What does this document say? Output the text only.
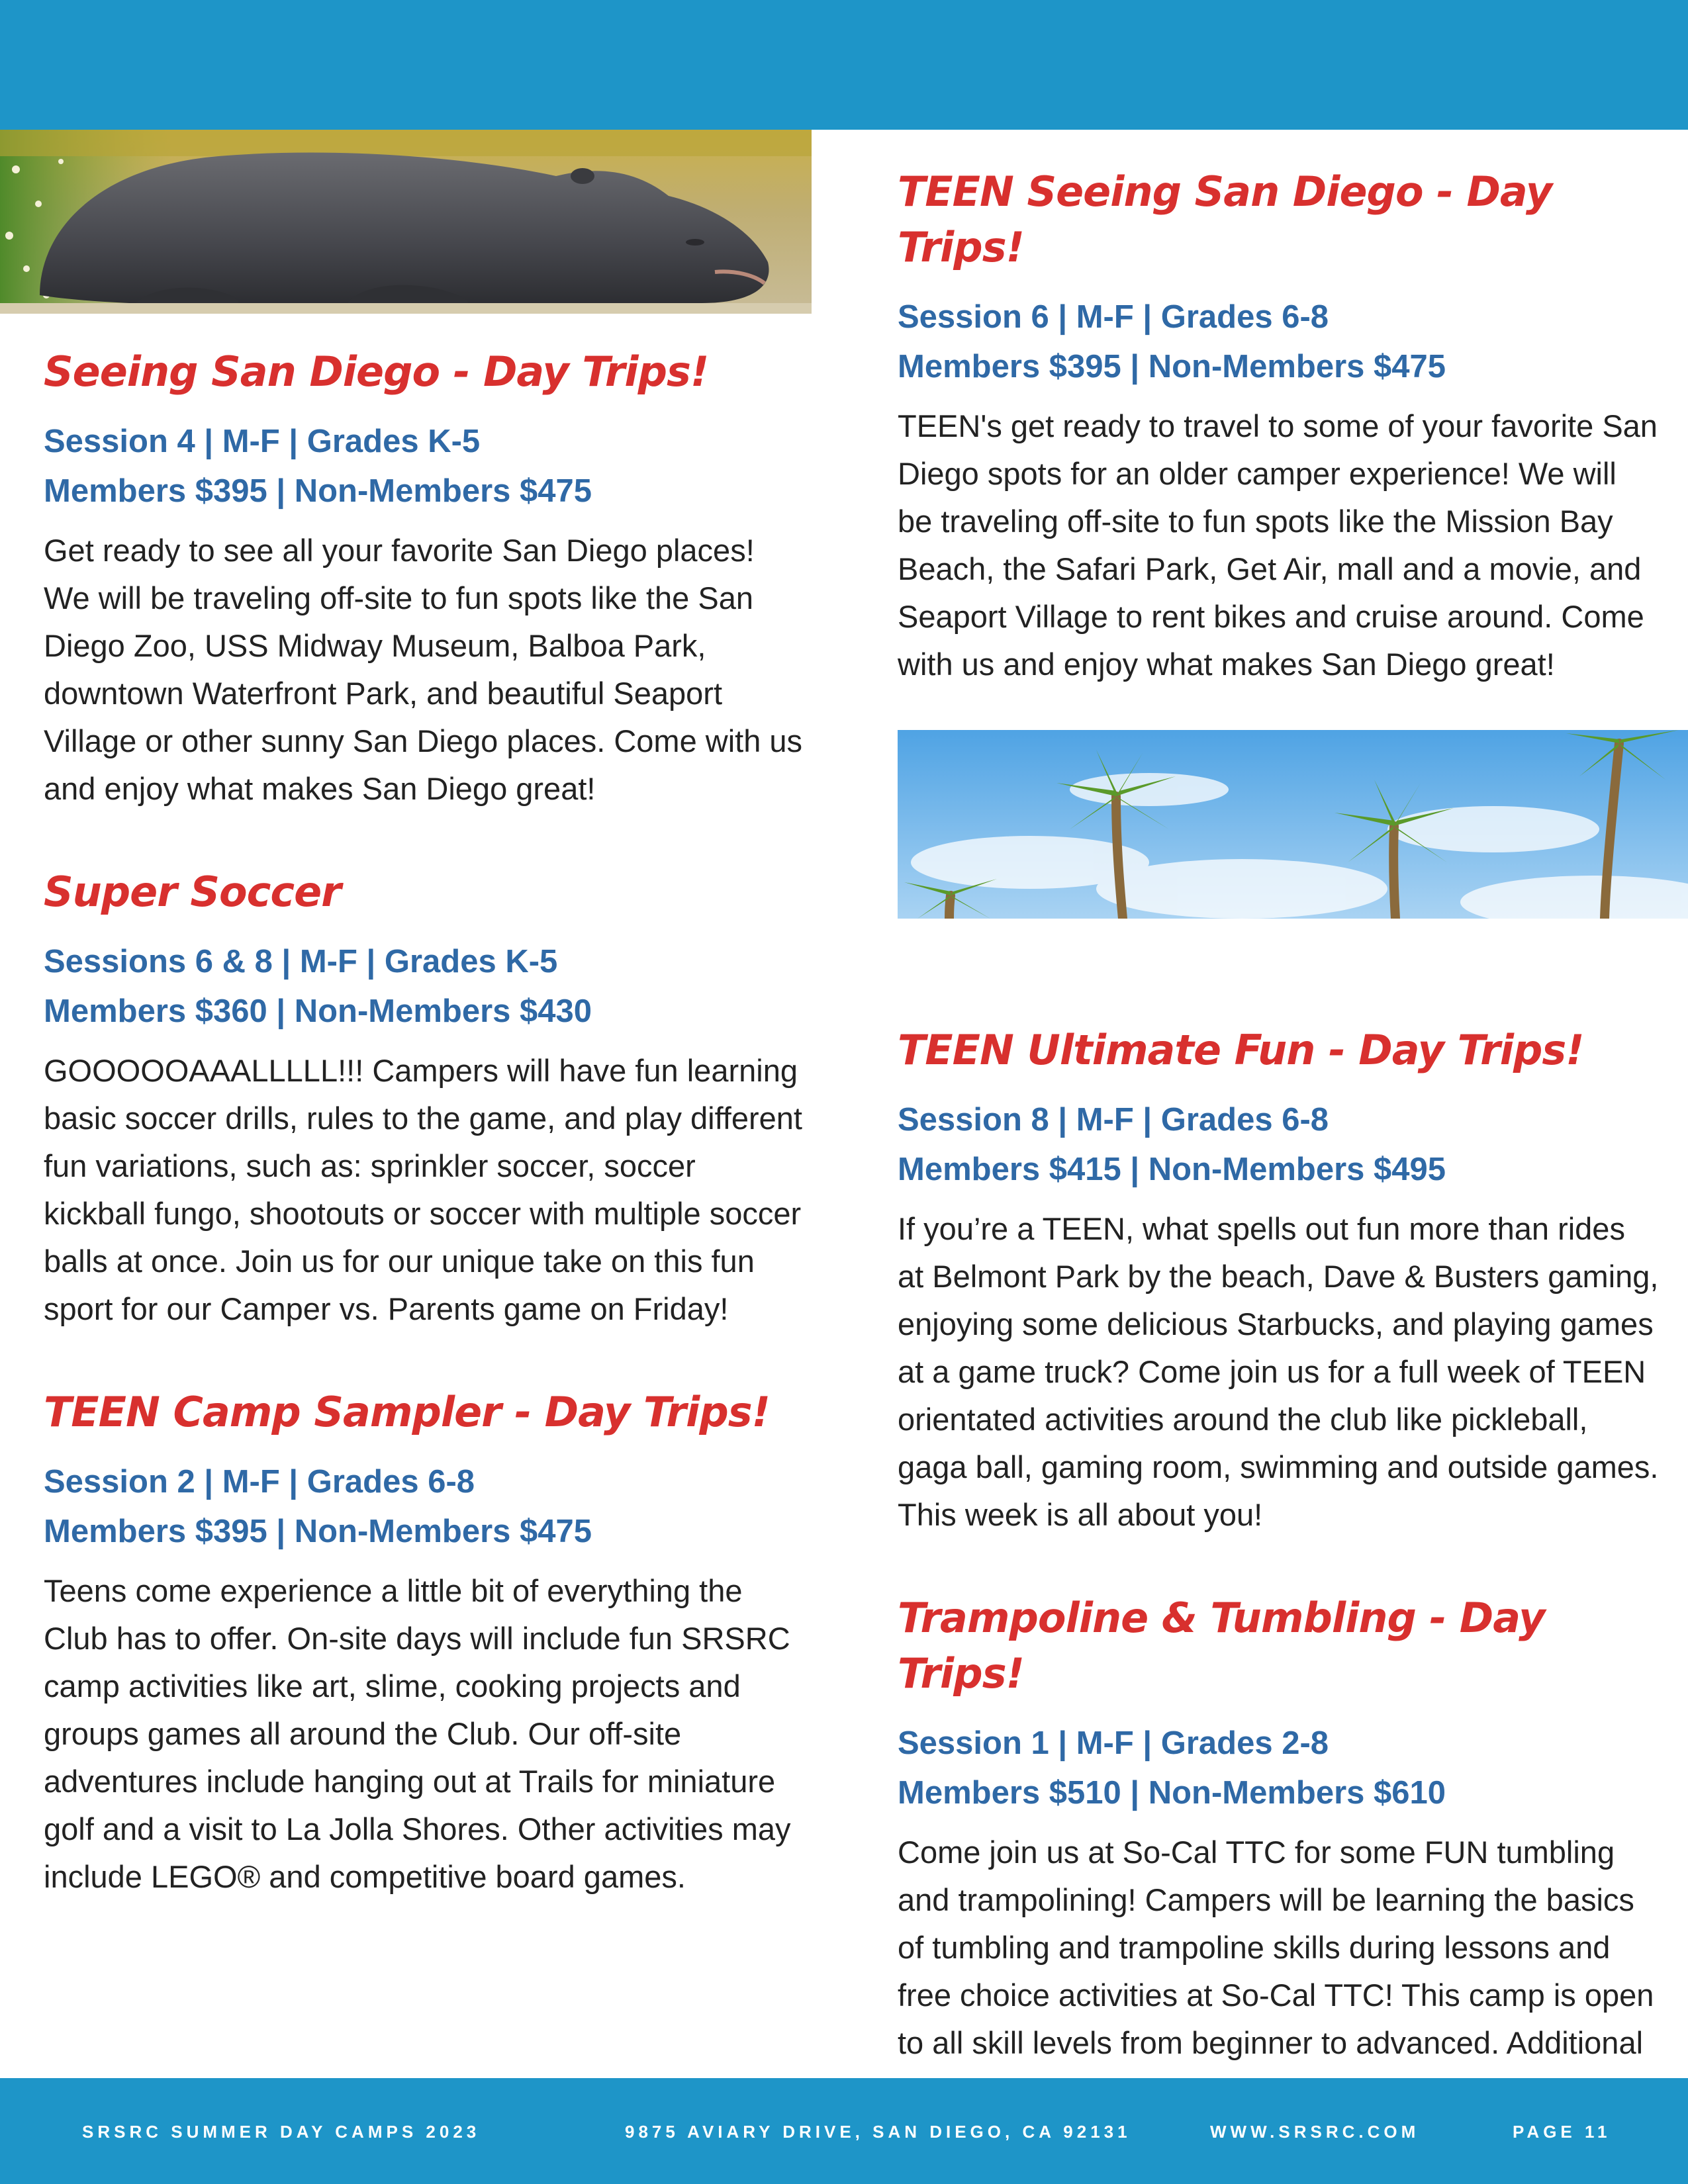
Seeing San Diego - Day Trips!
Session 4 | M-F | Grades K-5
Members $395 | Non-Members $475
Get ready to see all your favorite San Diego places! We will be traveling off-site to fun spots like the San Diego Zoo, USS Midway Museum, Balboa Park, downtown Waterfront Park, and beautiful Seaport Village or other sunny San Diego places. Come with us and enjoy what makes San Diego great!
Super Soccer
Sessions 6 & 8 | M-F | Grades K-5
Members $360 | Non-Members $430
GOOOOOAAALLLLL!!! Campers will have fun learning basic soccer drills, rules to the game, and play different fun variations, such as: sprinkler soccer, soccer kickball fungo, shootouts or soccer with multiple soccer balls at once. Join us for our unique take on this fun sport for our Camper vs. Parents game on Friday!
TEEN Camp Sampler - Day Trips!
Session 2 | M-F | Grades 6-8
Members $395 | Non-Members $475
Teens come experience a little bit of everything the Club has to offer. On-site days will include fun SRSRC camp activities like art, slime, cooking projects and groups games all around the Club. Our off-site adventures include hanging out at Trails for miniature golf and a visit to La Jolla Shores. Other activities may include LEGO® and competitive board games.
TEEN Seeing San Diego - Day Trips!
Session 6 | M-F | Grades 6-8
Members $395 | Non-Members $475
TEEN's get ready to travel to some of your favorite San Diego spots for an older camper experience! We will be traveling off-site to fun spots like the Mission Bay Beach, the Safari Park, Get Air, mall and a movie, and Seaport Village to rent bikes and cruise around. Come with us and enjoy what makes San Diego great!
TEEN Ultimate Fun - Day Trips!
Session 8 | M-F | Grades 6-8
Members $415 | Non-Members $495
If you’re a TEEN, what spells out fun more than rides at Belmont Park by the beach, Dave & Busters gaming, enjoying some delicious Starbucks, and playing games at a game truck? Come join us for a full week of TEEN orientated activities around the club like pickleball, gaga ball, gaming room, swimming and outside games. This week is all about you!
Trampoline & Tumbling - Day Trips!
Session 1 | M-F | Grades 2-8
Members $510 | Non-Members $610
Come join us at So-Cal TTC for some FUN tumbling and trampolining! Campers will be learning the basics of tumbling and trampoline skills during lessons and free choice activities at So-Cal TTC! This camp is open to all skill levels from beginner to advanced. Additional
SRSRC SUMMER DAY CAMPS 2023	9875 AVIARY DRIVE, SAN DIEGO, CA 92131	WWW.SRSRC.COM	PAGE 11
